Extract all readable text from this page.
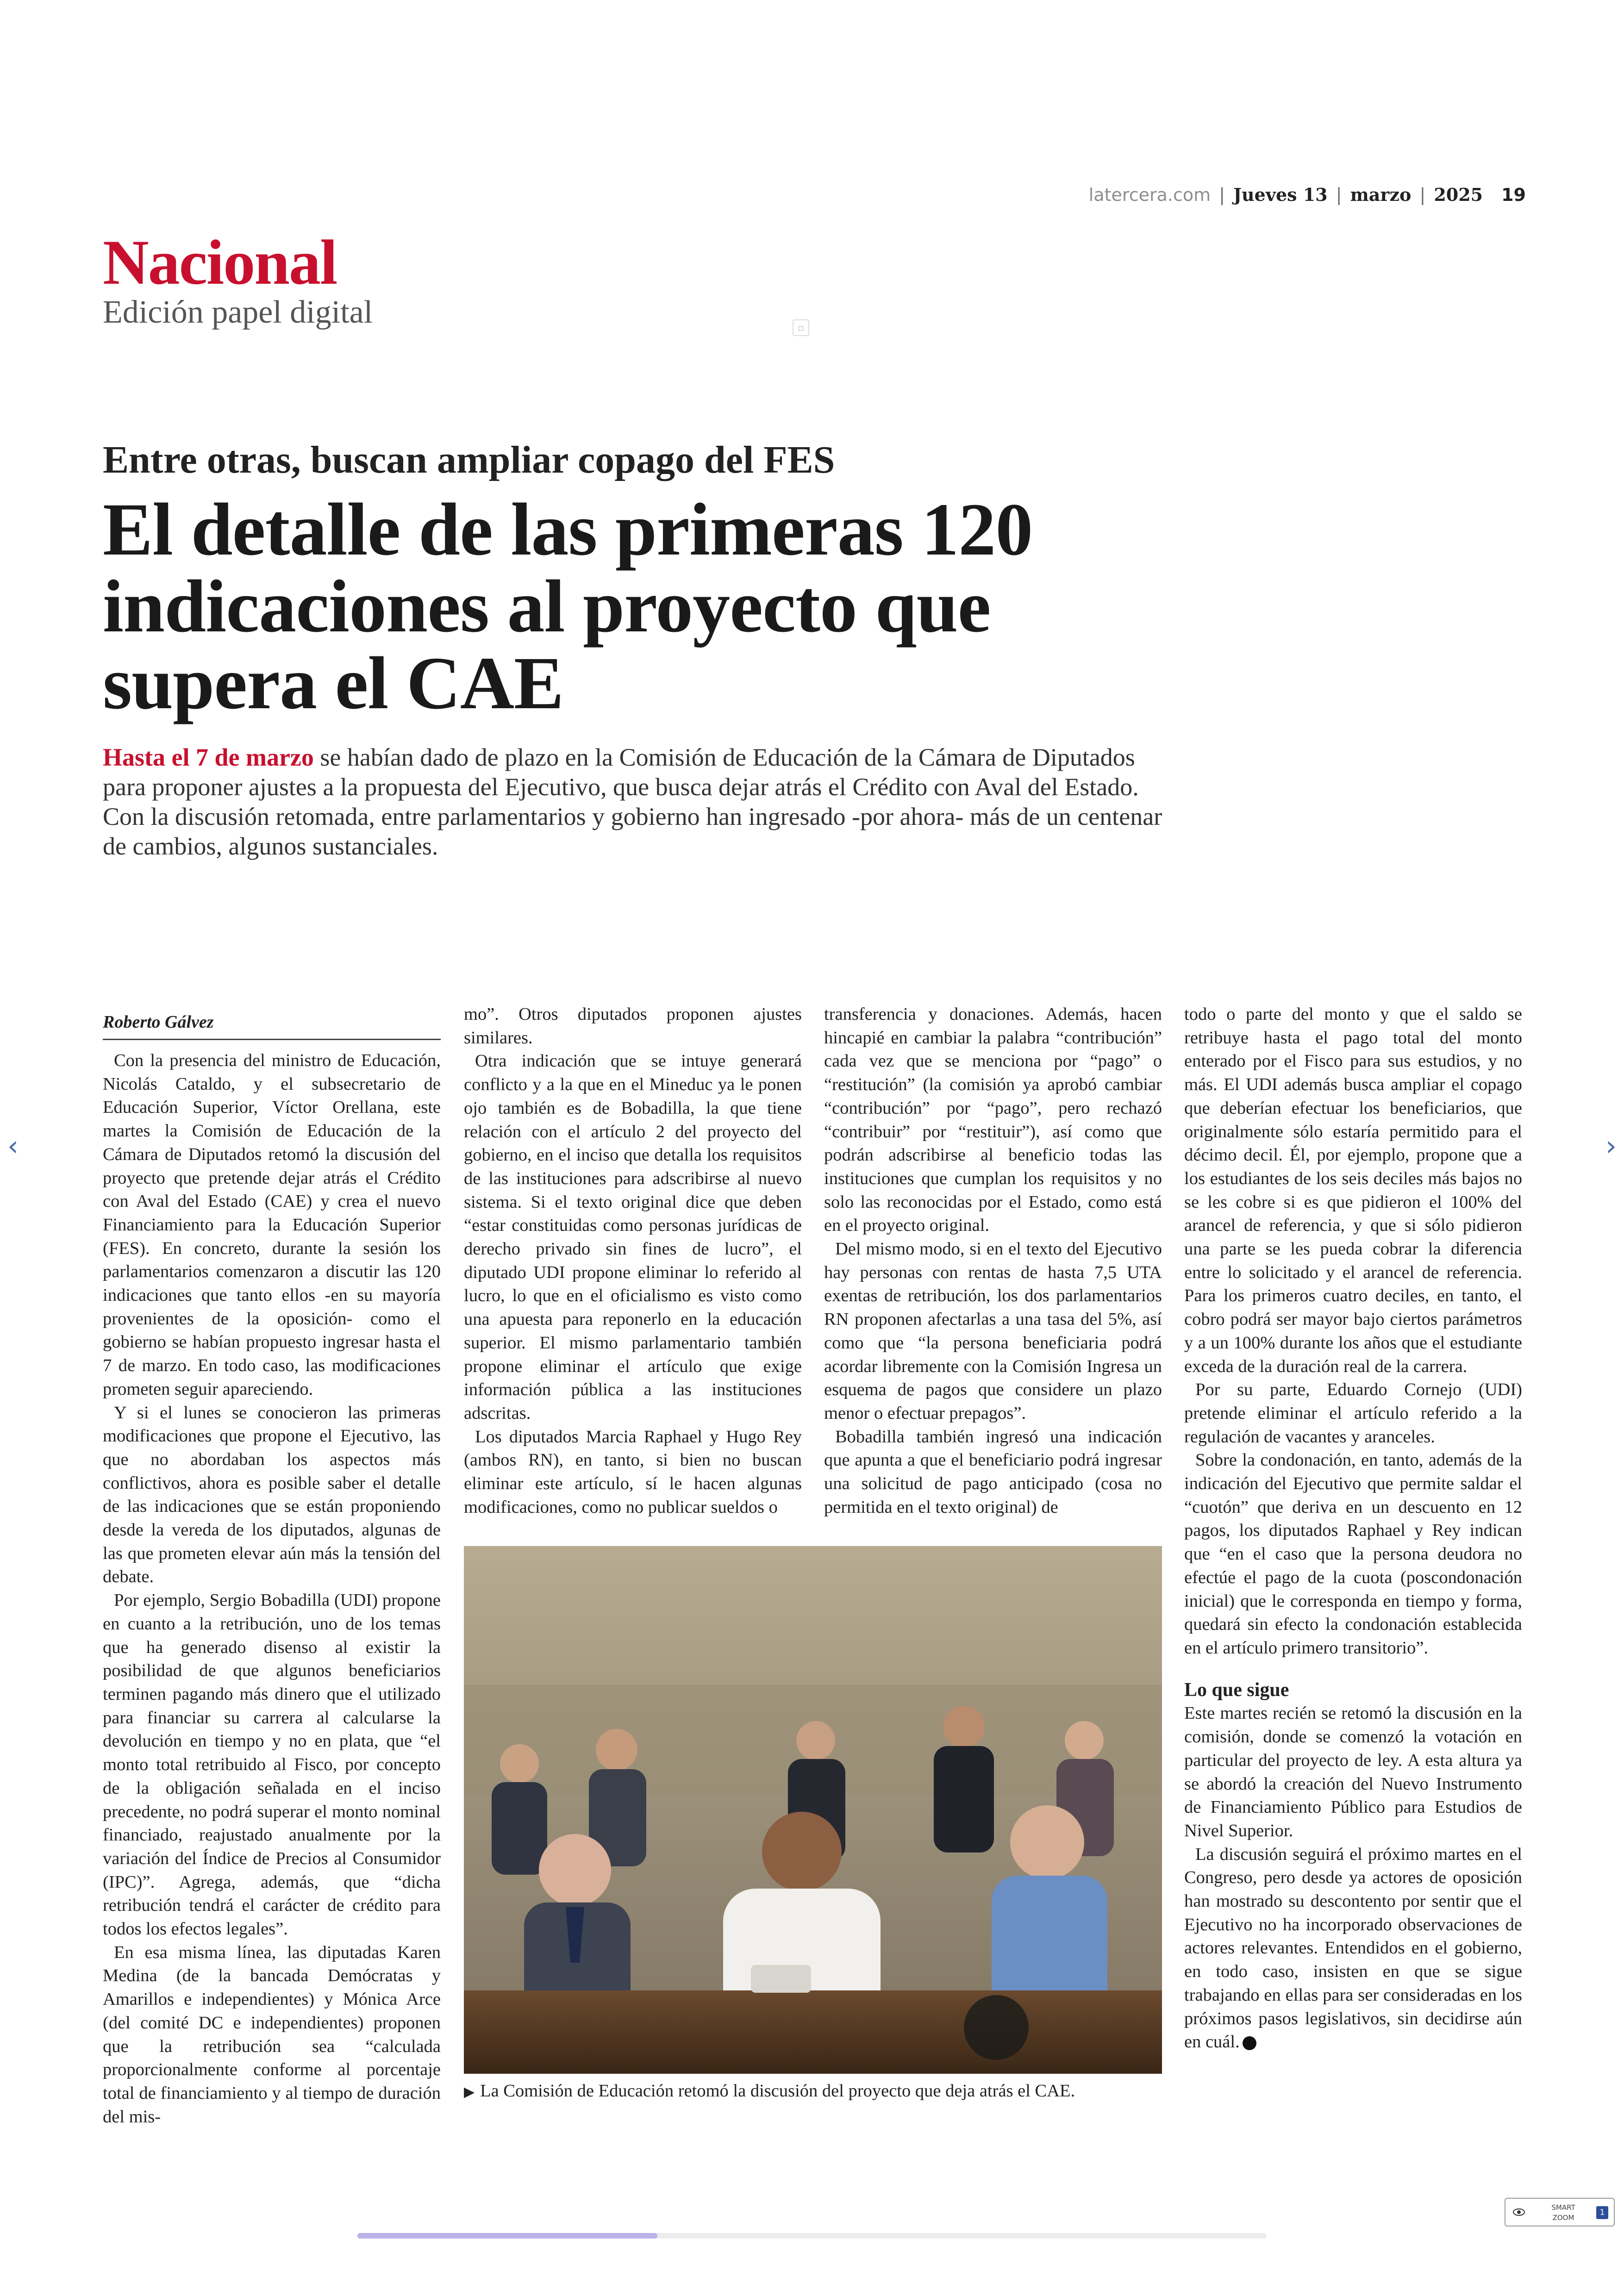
latercera.com | Jueves 13 | marzo | 2025 19
Nacional
Edición papel digital	▫
Entre otras, buscan ampliar copago del FES
El detalle de las primeras 120 indicaciones al proyecto que supera el CAE
Hasta el 7 de marzo se habían dado de plazo en la Comisión de Educación de la Cámara de Diputados para proponer ajustes a la propuesta del Ejecutivo, que busca dejar atrás el Crédito con Aval del Estado. Con la discusión retomada, entre parlamentarios y gobierno han ingresado -por ahora- más de un centenar de cambios, algunos sustanciales.
Roberto Gálvez

Con la presencia del ministro de Educación, Nicolás Cataldo, y el subsecretario de Educación Superior, Víctor Orellana, este martes la Comisión de Educación de la Cámara de Diputados retomó la discusión del proyecto que pretende dejar atrás el Crédito con Aval del Estado (CAE) y crea el nuevo Financiamiento para la Educación Superior (FES). En concreto, durante la sesión los parlamentarios comenzaron a discutir las 120 indicaciones que tanto ellos -en su mayoría provenientes de la oposición- como el gobierno se habían propuesto ingresar hasta el 7 de marzo. En todo caso, las modificaciones prometen seguir apareciendo.

Y si el lunes se conocieron las primeras modificaciones que propone el Ejecutivo, las que no abordaban los aspectos más conflictivos, ahora es posible saber el detalle de las indicaciones que se están proponiendo desde la vereda de los diputados, algunas de las que prometen elevar aún más la tensión del debate.

Por ejemplo, Sergio Bobadilla (UDI) propone en cuanto a la retribución, uno de los temas que ha generado disenso al existir la posibilidad de que algunos beneficiarios terminen pagando más dinero que el utilizado para financiar su carrera al calcularse la devolución en tiempo y no en plata, que “el monto total retribuido al Fisco, por concepto de la obligación señalada en el inciso precedente, no podrá superar el monto nominal financiado, reajustado anualmente por la variación del Índice de Precios al Consumidor (IPC)”. Agrega, además, que “dicha retribución tendrá el carácter de crédito para todos los efectos legales”.

En esa misma línea, las diputadas Karen Medina (de la bancada Demócratas y Amarillos e independientes) y Mónica Arce (del comité DC e independientes) proponen que la retribución sea “calculada proporcionalmente conforme al porcentaje total de financiamiento y al tiempo de duración del mis-

mo”. Otros diputados proponen ajustes similares.

Otra indicación que se intuye generará conflicto y a la que en el Mineduc ya le ponen ojo también es de Bobadilla, la que tiene relación con el artículo 2 del proyecto del gobierno, en el inciso que detalla los requisitos de las instituciones para adscribirse al nuevo sistema. Si el texto original dice que deben “estar constituidas como personas jurídicas de derecho privado sin fines de lucro”, el diputado UDI propone eliminar lo referido al lucro, lo que en el oficialismo es visto como una apuesta para reponerlo en la educación superior. El mismo parlamentario también propone eliminar el artículo que exige información pública a las instituciones adscritas.

Los diputados Marcia Raphael y Hugo Rey (ambos RN), en tanto, si bien no buscan eliminar este artículo, sí le hacen algunas modificaciones, como no publicar sueldos o

transferencia y donaciones. Además, hacen hincapié en cambiar la palabra “contribución” cada vez que se menciona por “pago” o “restitución” (la comisión ya aprobó cambiar “contribución” por “pago”, pero rechazó “contribuir” por “restituir”), así como que podrán adscribirse al beneficio todas las instituciones que cumplan los requisitos y no solo las reconocidas por el Estado, como está en el proyecto original.

Del mismo modo, si en el texto del Ejecutivo hay personas con rentas de hasta 7,5 UTA exentas de retribución, los dos parlamentarios RN proponen afectarlas a una tasa del 5%, así como que “la persona beneficiaria podrá acordar libremente con la Comisión Ingresa un esquema de pagos que considere un plazo menor o efectuar prepagos”.

Bobadilla también ingresó una indicación que apunta a que el beneficiario podrá ingresar una solicitud de pago anticipado (cosa no permitida en el texto original) de

todo o parte del monto y que el saldo se retribuye hasta el pago total del monto enterado por el Fisco para sus estudios, y no más. El UDI además busca ampliar el copago que deberían efectuar los beneficiarios, que originalmente sólo estaría permitido para el décimo decil. Él, por ejemplo, propone que a los estudiantes de los seis deciles más bajos no se les cobre si es que pidieron el 100% del arancel de referencia, y que si sólo pidieron una parte se les pueda cobrar la diferencia entre lo solicitado y el arancel de referencia. Para los primeros cuatro deciles, en tanto, el cobro podrá ser mayor bajo ciertos parámetros y a un 100% durante los años que el estudiante exceda de la duración real de la carrera.

Por su parte, Eduardo Cornejo (UDI) pretende eliminar el artículo referido a la regulación de vacantes y aranceles.

Sobre la condonación, en tanto, además de la indicación del Ejecutivo que permite saldar el “cuotón” que deriva en un descuento en 12 pagos, los diputados Raphael y Rey indican que “en el caso que la persona deudora no efectúe el pago de la cuota (poscondonación inicial) que le corresponda en tiempo y forma, quedará sin efecto la condonación establecida en el artículo primero transitorio”.

Lo que sigue

Este martes recién se retomó la discusión en la comisión, donde se comenzó la votación en particular del proyecto de ley. A esta altura ya se abordó la creación del Nuevo Instrumento de Financiamiento Público para Estudios de Nivel Superior.

La discusión seguirá el próximo martes en el Congreso, pero desde ya actores de oposición han mostrado su descontento por sentir que el Ejecutivo no ha incorporado observaciones de actores relevantes. Entendidos en el gobierno, en todo caso, insisten en que se sigue trabajando en ellas para ser consideradas en los próximos pasos legislativos, sin decidirse aún en cuál.

▶ La Comisión de Educación retomó la discusión del proyecto que deja atrás el CAE.
‹	›
SMART
ZOOM
1
